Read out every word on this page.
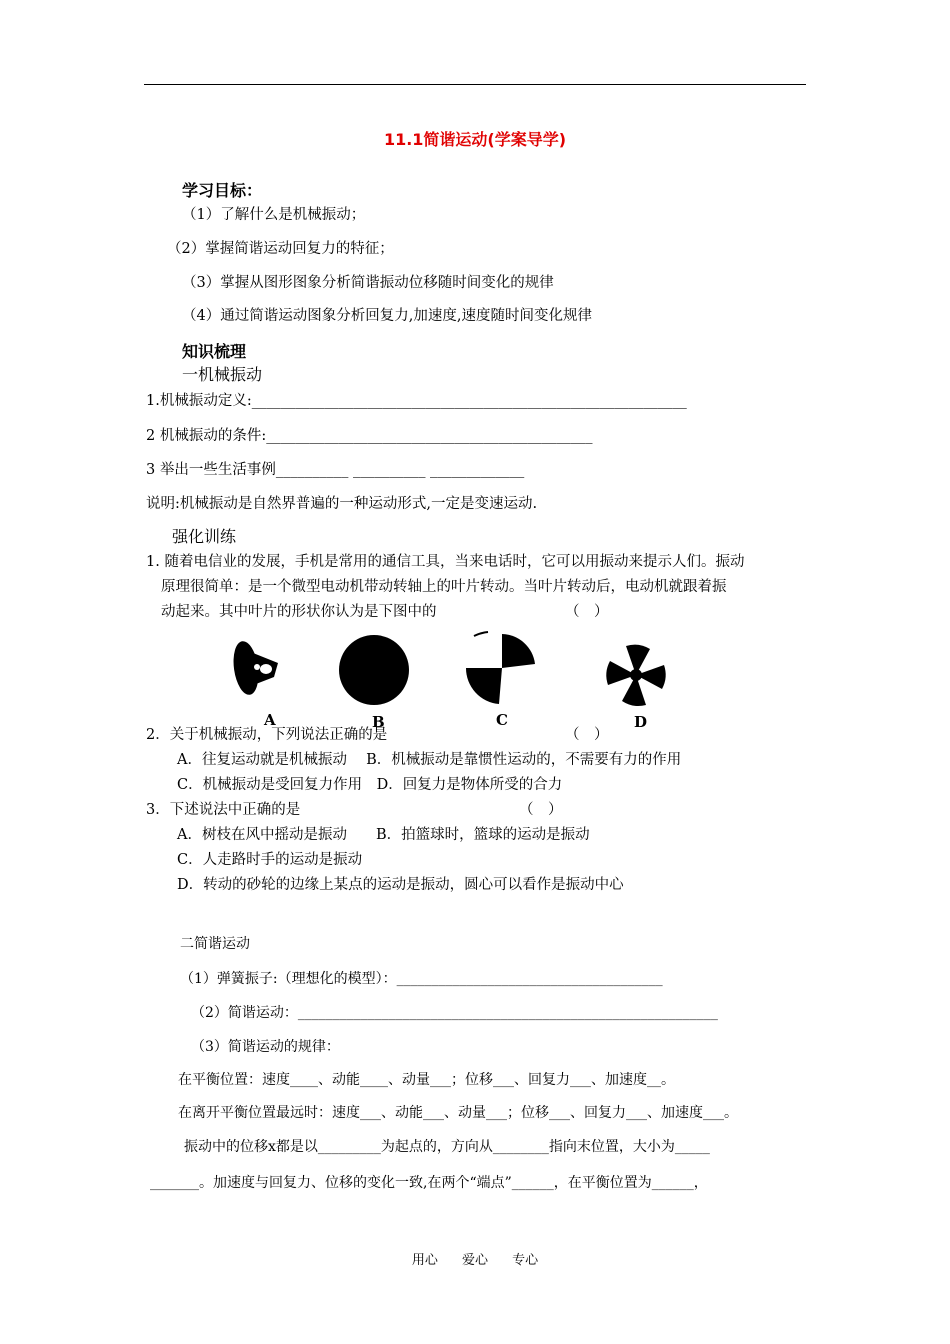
11.1简谐运动(学案导学)
学习目标：
（1）了解什么是机械振动；
（2）掌握简谐运动回复力的特征；
（3）掌握从图形图象分析简谐振动位移随时间变化的规律
（4）通过简谐运动图象分析回复力,加速度,速度随时间变化规律
知识梳理
一机械振动
1.机械振动定义:____________________________________________________________
2 机械振动的条件:_____________________________________________
3 举出一些生活事例__________ __________ _____________
说明:机械振动是自然界普遍的一种运动形式,一定是变速运动.
强化训练
1. 随着电信业的发展，手机是常用的通信工具，当来电话时，它可以用振动来提示人们。振动
原理很简单：是一个微型电动机带动转轴上的叶片转动。当叶片转动后，电动机就跟着振
动起来。其中叶片的形状你认为是下图中的	（　）
A	B	C	D
2．关于机械振动，下列说法正确的是	（　）
A．往复运动就是机械振动　 B．机械振动是靠惯性运动的，不需要有力的作用
C．机械振动是受回复力作用　D．回复力是物体所受的合力
3．下述说法中正确的是	（　）
A．树枝在风中摇动是振动　　B．拍篮球时，篮球的运动是振动
C．人走路时手的运动是振动
D．转动的砂轮的边缘上某点的运动是振动，圆心可以看作是振动中心
二简谐运动
（1）弹簧振子:（理想化的模型）：______________________________________
（2）简谐运动：____________________________________________________________
（3）简谐运动的规律：
在平衡位置：速度____、动能____、动量___；位移___、回复力___、加速度__。
在离开平衡位置最远时：速度___、动能___、动量___；位移___、回复力___、加速度___。
振动中的位移x都是以_________为起点的，方向从________指向末位置，大小为_____
_______。加速度与回复力、位移的变化一致,在两个“端点”______，在平衡位置为______，
用心 爱心 专心
